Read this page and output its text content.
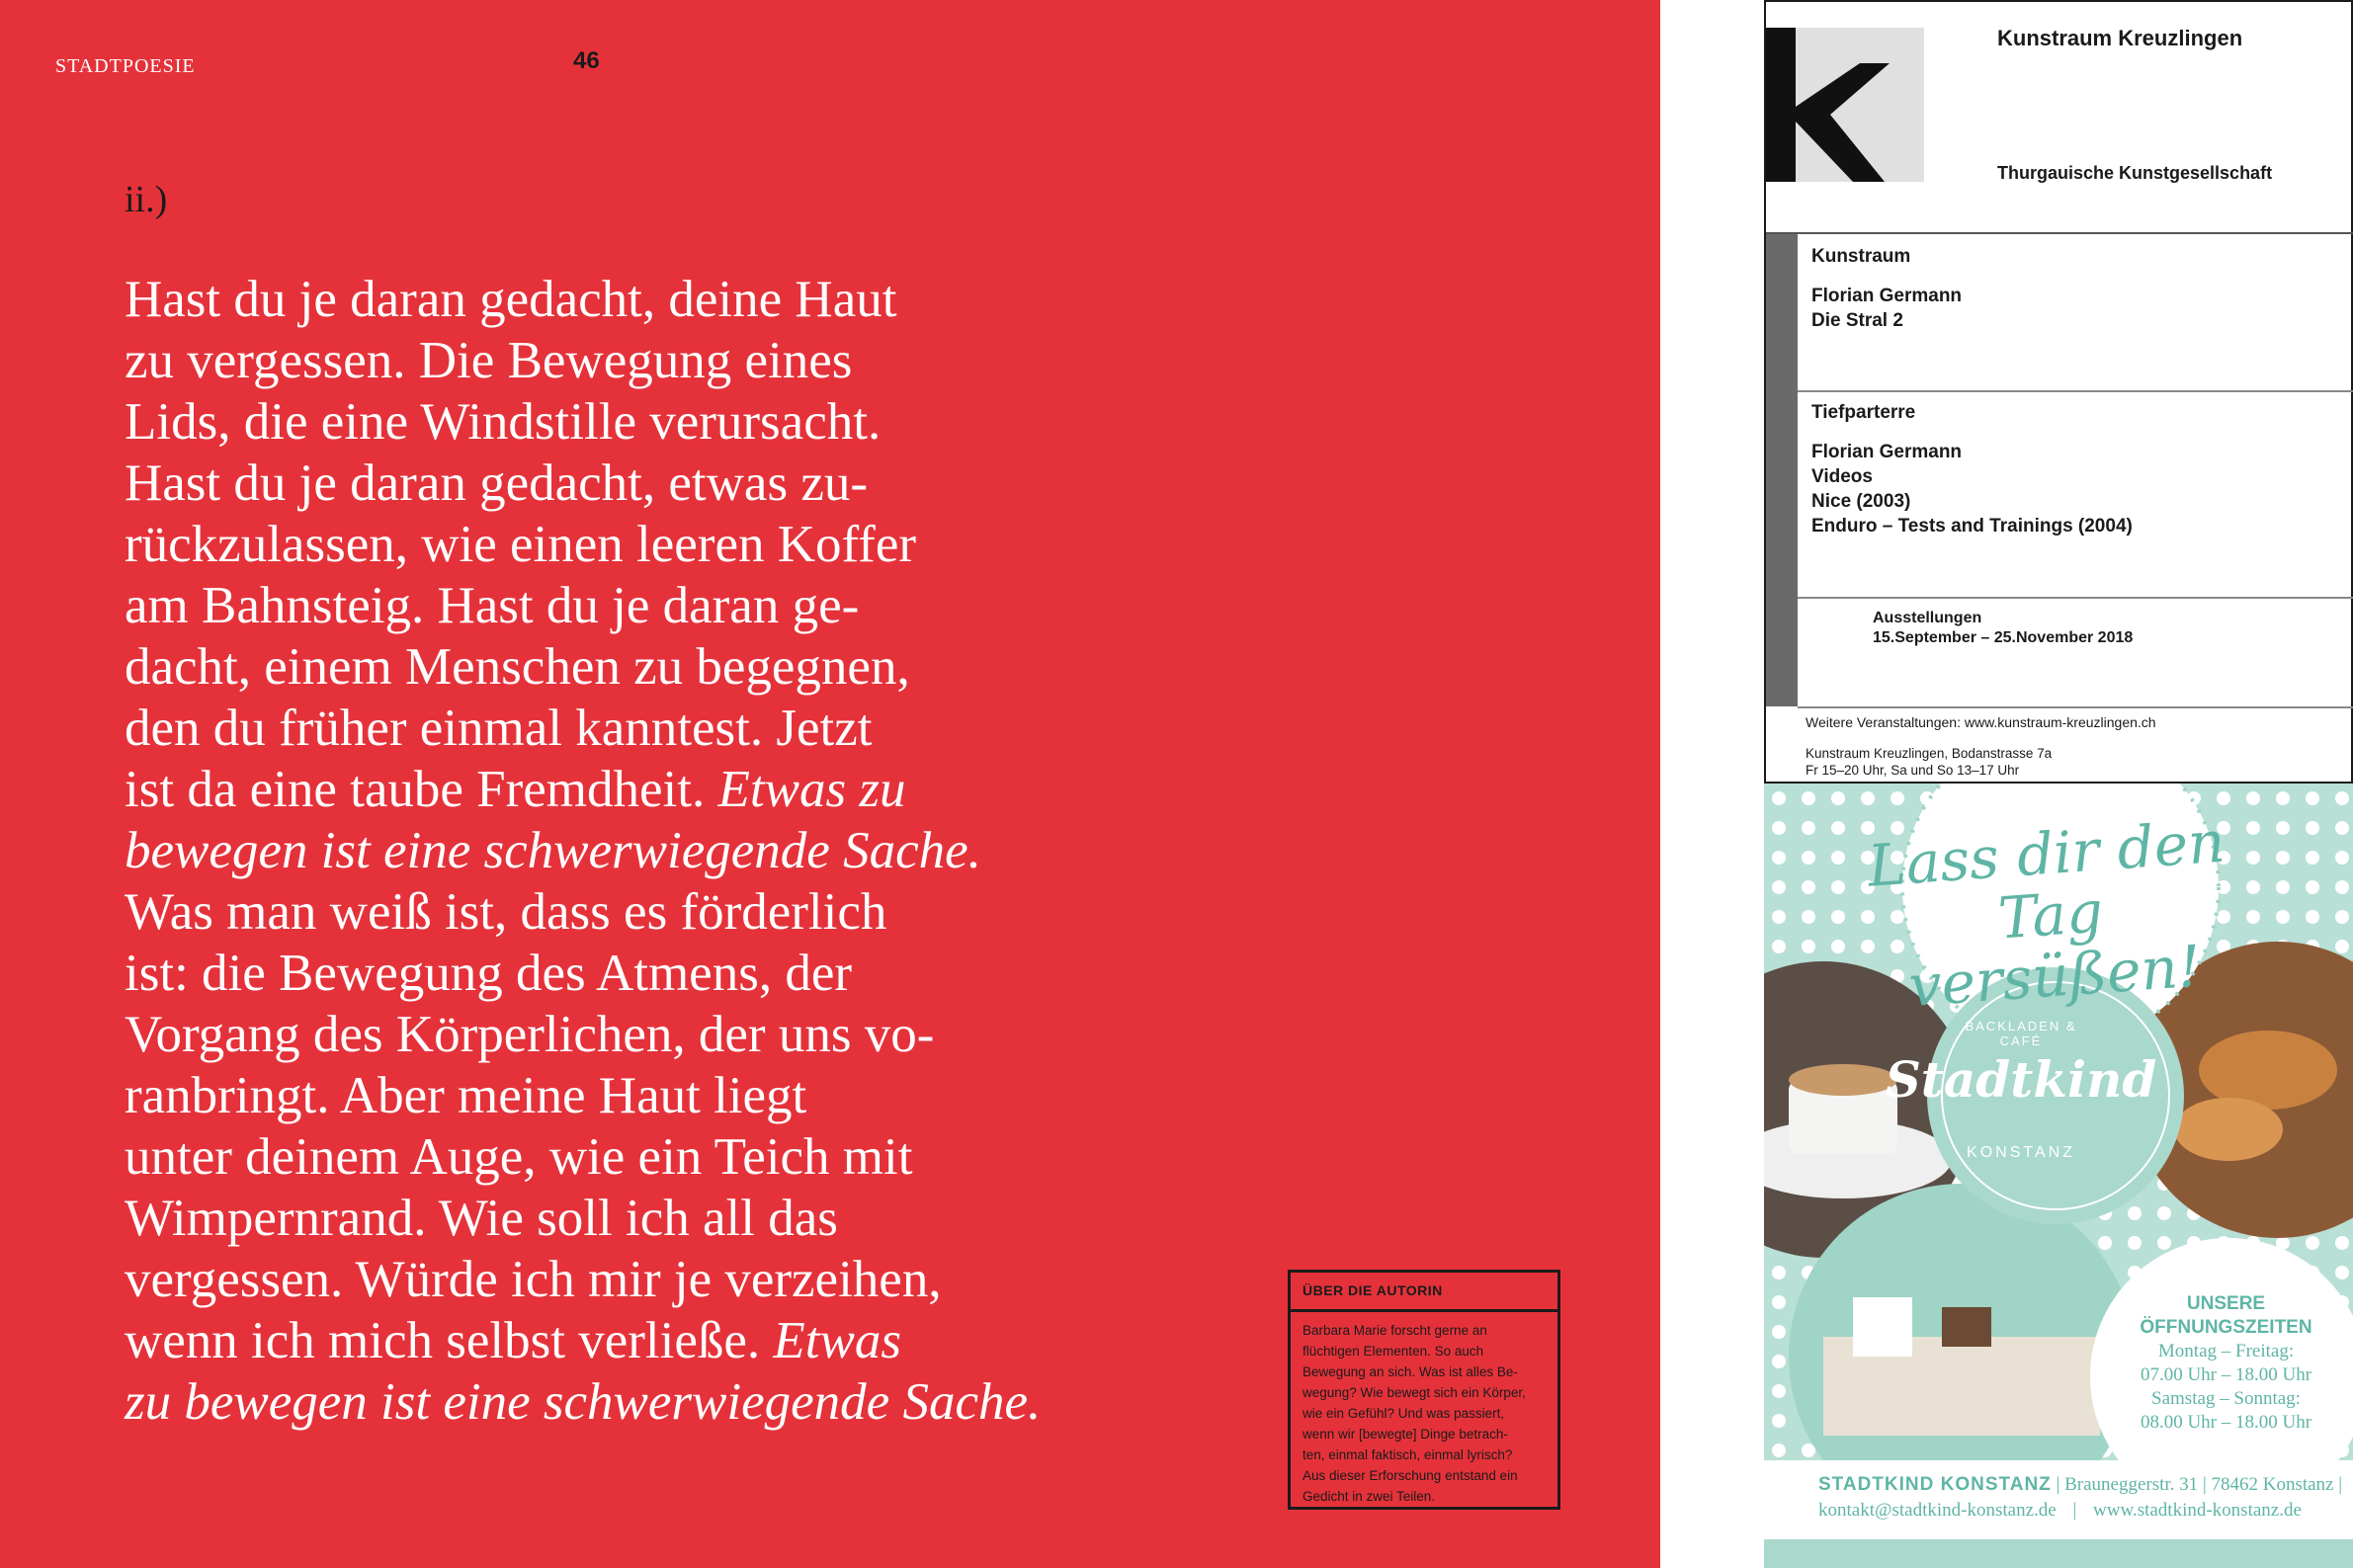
STADTPOESIE	46
ii.)
Hast du je daran gedacht, deine Haut
zu vergessen. Die Bewegung eines
Lids, die eine Windstille verursacht.
Hast du je daran gedacht, etwas zu-
rückzulassen, wie einen leeren Koffer
am Bahnsteig. Hast du je daran ge-
dacht, einem Menschen zu begegnen,
den du früher einmal kanntest. Jetzt
ist da eine taube Fremdheit. Etwas zu
bewegen ist eine schwerwiegende Sache.
Was man weiß ist, dass es förderlich
ist: die Bewegung des Atmens, der
Vorgang des Körperlichen, der uns vo-
ranbringt. Aber meine Haut liegt
unter deinem Auge, wie ein Teich mit
Wimpernrand. Wie soll ich all das
vergessen. Würde ich mir je verzeihen,
wenn ich mich selbst verließe. Etwas
zu bewegen ist eine schwerwiegende Sache.
ÜBER DIE AUTORIN
Barbara Marie forscht gerne an
flüchtigen Elementen. So auch
Bewegung an sich. Was ist alles Be-
wegung? Wie bewegt sich ein Körper,
wie ein Gefühl? Und was passiert,
wenn wir [bewegte] Dinge betrach-
ten, einmal faktisch, einmal lyrisch?
Aus dieser Erforschung entstand ein
Gedicht in zwei Teilen.
Kunstraum Kreuzlingen
Thurgauische Kunstgesellschaft
Kunstraum
Florian Germann
Die Stral 2
Tiefparterre
Florian Germann
Videos
Nice (2003)
Enduro – Tests and Trainings (2004)
Ausstellungen
15.September – 25.November 2018
Weitere Veranstaltungen: www.kunstraum-kreuzlingen.ch
Kunstraum Kreuzlingen, Bodanstrasse 7a
Fr 15–20 Uhr, Sa und So 13–17 Uhr
Lass dir den
Tag versüßen!
BACKLADEN & CAFÉ
Stadtkind
KONSTANZ
UNSERE
ÖFFNUNGSZEITEN
Montag – Freitag:
07.00 Uhr – 18.00 Uhr
Samstag – Sonntag:
08.00 Uhr – 18.00 Uhr
STADTKIND KONSTANZ | Brauneggerstr. 31 | 78462 Konstanz |
kontakt@stadtkind-konstanz.de | www.stadtkind-konstanz.de
